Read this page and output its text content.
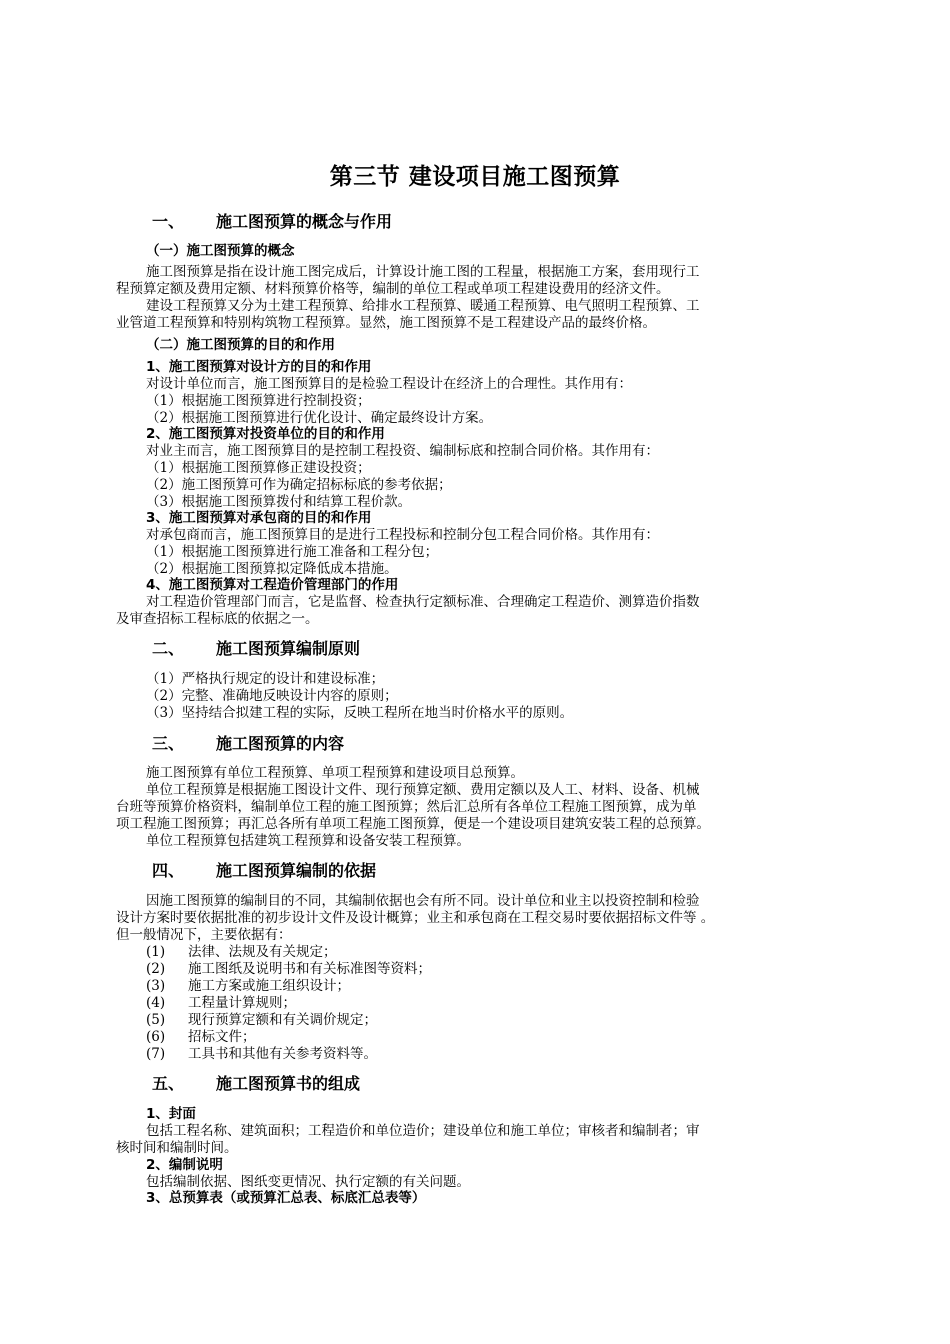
第三节 建设项目施工图预算
一、 施工图预算的概念与作用
（一）施工图预算的概念
施工图预算是指在设计施工图完成后，计算设计施工图的工程量，根据施工方案，套用现行工
程预算定额及费用定额、材料预算价格等，编制的单位工程或单项工程建设费用的经济文件。
建设工程预算又分为土建工程预算、给排水工程预算、暖通工程预算、电气照明工程预算、工
业管道工程预算和特别构筑物工程预算。显然，施工图预算不是工程建设产品的最终价格。
（二）施工图预算的目的和作用
1、施工图预算对设计方的目的和作用
对设计单位而言，施工图预算目的是检验工程设计在经济上的合理性。其作用有：
（1）根据施工图预算进行控制投资；
（2）根据施工图预算进行优化设计、确定最终设计方案。
2、施工图预算对投资单位的目的和作用
对业主而言，施工图预算目的是控制工程投资、编制标底和控制合同价格。其作用有：
（1）根据施工图预算修正建设投资；
（2）施工图预算可作为确定招标标底的参考依据；
（3）根据施工图预算拨付和结算工程价款。
3、施工图预算对承包商的目的和作用
对承包商而言，施工图预算目的是进行工程投标和控制分包工程合同价格。其作用有：
（1）根据施工图预算进行施工准备和工程分包；
（2）根据施工图预算拟定降低成本措施。
4、施工图预算对工程造价管理部门的作用
对工程造价管理部门而言，它是监督、检查执行定额标准、合理确定工程造价、测算造价指数
及审查招标工程标底的依据之一。
二、 施工图预算编制原则
（1）严格执行规定的设计和建设标准；
（2）完整、准确地反映设计内容的原则；
（3）坚持结合拟建工程的实际，反映工程所在地当时价格水平的原则。
三、 施工图预算的内容
施工图预算有单位工程预算、单项工程预算和建设项目总预算。
单位工程预算是根据施工图设计文件、现行预算定额、费用定额以及人工、材料、设备、机械
台班等预算价格资料，编制单位工程的施工图预算；然后汇总所有各单位工程施工图预算，成为单
项工程施工图预算；再汇总各所有单项工程施工图预算，便是一个建设项目建筑安装工程的总预算。
单位工程预算包括建筑工程预算和设备安装工程预算。
四、 施工图预算编制的依据
因施工图预算的编制目的不同，其编制依据也会有所不同。设计单位和业主以投资控制和检验
设计方案时要依据批准的初步设计文件及设计概算；业主和承包商在工程交易时要依据招标文件等 。
但一般情况下，主要依据有：
(1) 法律、法规及有关规定；
(2) 施工图纸及说明书和有关标准图等资料；
(3) 施工方案或施工组织设计；
(4) 工程量计算规则；
(5) 现行预算定额和有关调价规定；
(6) 招标文件；
(7) 工具书和其他有关参考资料等。
五、 施工图预算书的组成
1、封面
包括工程名称、建筑面积；工程造价和单位造价；建设单位和施工单位；审核者和编制者；审
核时间和编制时间。
2、编制说明
包括编制依据、图纸变更情况、执行定额的有关问题。
3、总预算表（或预算汇总表、标底汇总表等）
